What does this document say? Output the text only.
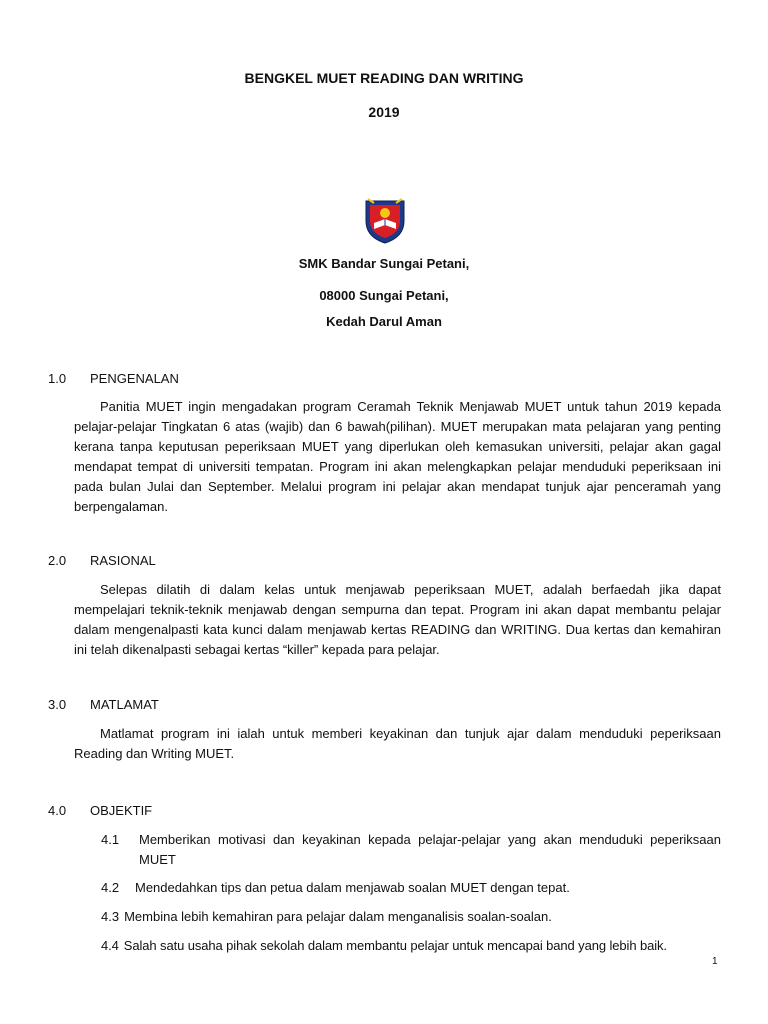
BENGKEL MUET READING DAN WRITING
2019
SMK Bandar Sungai Petani,
08000 Sungai Petani,
Kedah Darul Aman
1.0 PENGENALAN

Panitia MUET ingin mengadakan program Ceramah Teknik Menjawab MUET untuk tahun 2019 kepada pelajar-pelajar Tingkatan 6 atas (wajib) dan 6 bawah(pilihan). MUET merupakan mata pelajaran yang penting kerana tanpa keputusan peperiksaan MUET yang diperlukan oleh kemasukan universiti, pelajar akan gagal mendapat tempat di universiti tempatan. Program ini akan melengkapkan pelajar menduduki peperiksaan ini pada bulan Julai dan September. Melalui program ini pelajar akan mendapat tunjuk ajar penceramah yang berpengalaman.

2.0 RASIONAL

Selepas dilatih di dalam kelas untuk menjawab peperiksaan MUET, adalah berfaedah jika dapat mempelajari teknik-teknik menjawab dengan sempurna dan tepat. Program ini akan dapat membantu pelajar dalam mengenalpasti kata kunci dalam menjawab kertas READING dan WRITING. Dua kertas dan kemahiran ini telah dikenalpasti sebagai kertas “killer” kepada para pelajar.

3.0 MATLAMAT

Matlamat program ini ialah untuk memberi keyakinan dan tunjuk ajar dalam menduduki peperiksaan Reading dan Writing MUET.

4.0 OBJEKTIF
4.1 Memberikan motivasi dan keyakinan kepada pelajar-pelajar yang akan menduduki peperiksaan MUET
4.2 Mendedahkan tips dan petua dalam menjawab soalan MUET dengan tepat.
4.3 Membina lebih kemahiran para pelajar dalam menganalisis soalan-soalan.
4.4 Salah satu usaha pihak sekolah dalam membantu pelajar untuk mencapai band yang lebih baik.
1
